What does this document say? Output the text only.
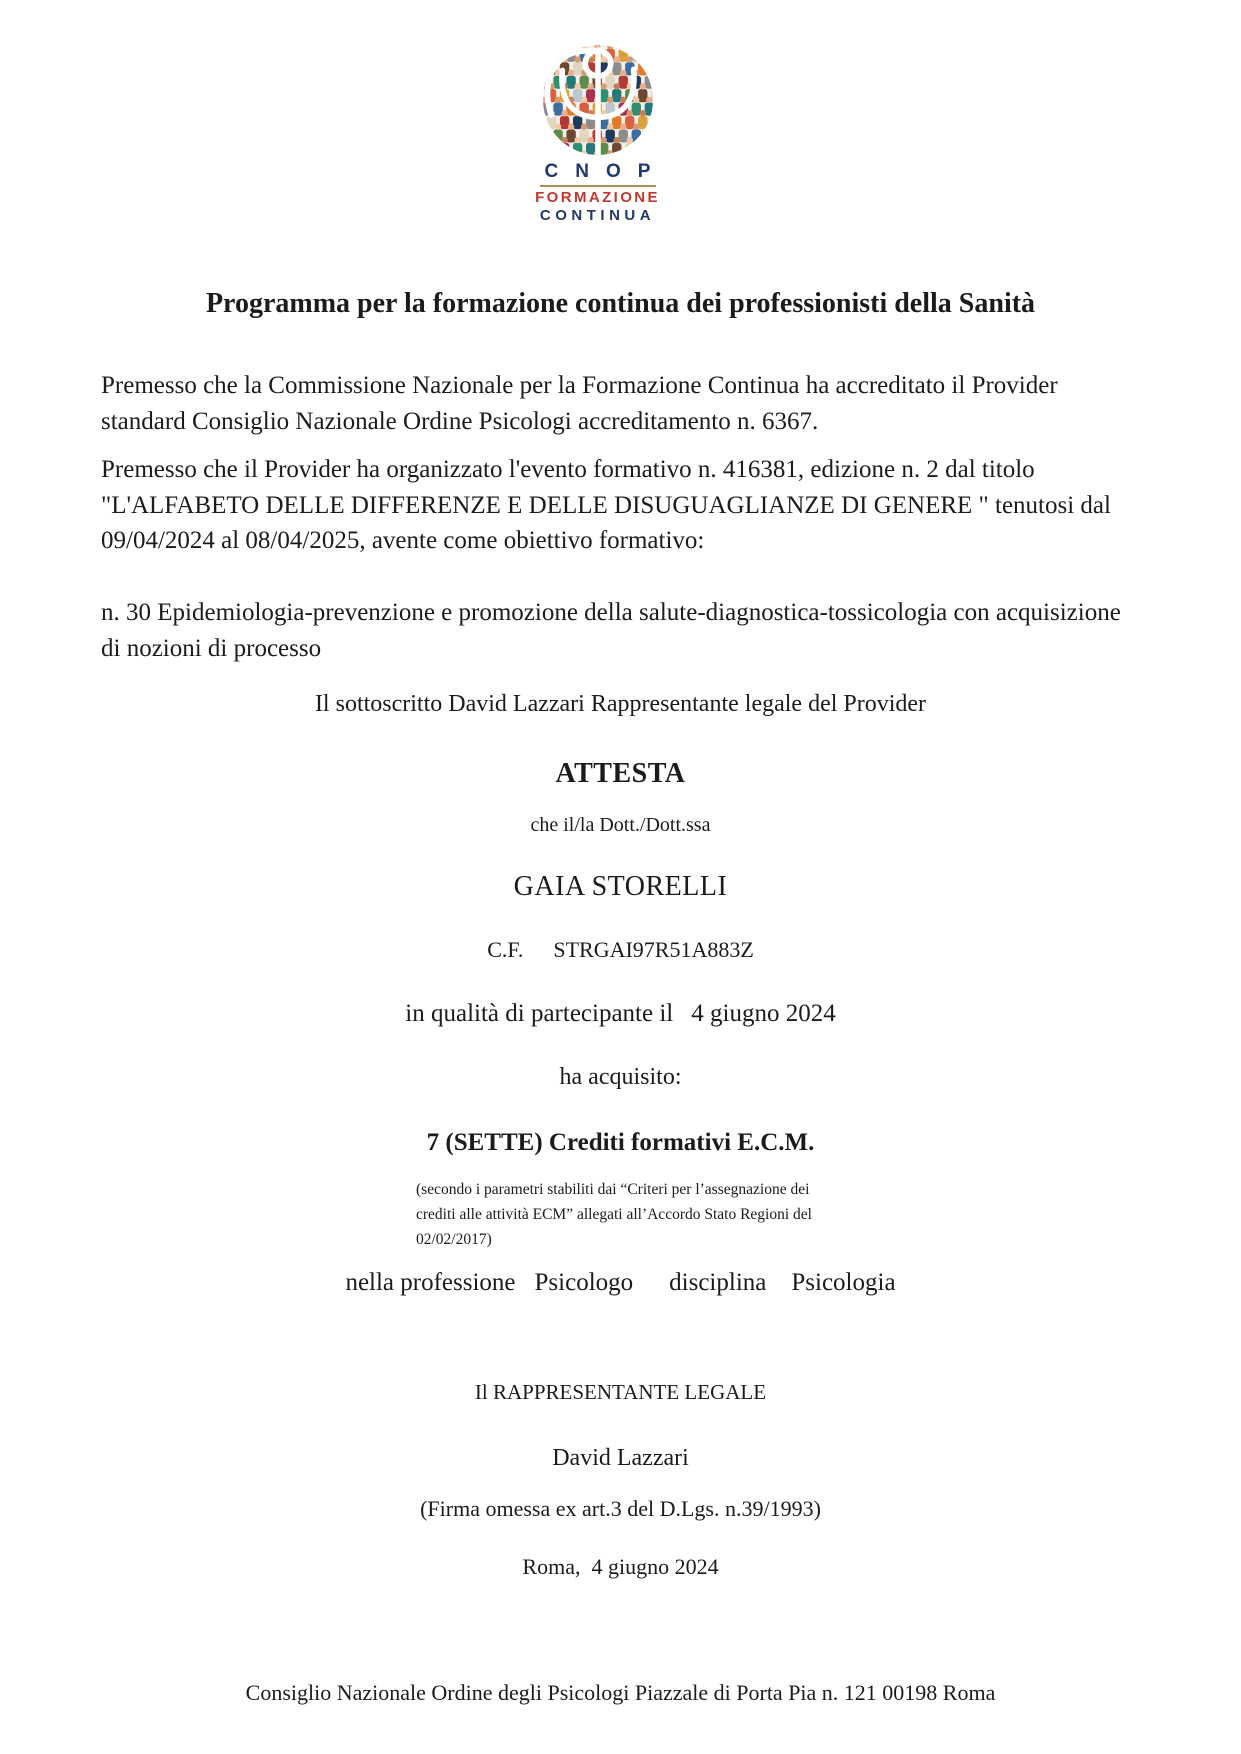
CNOP
FORMAZIONE
CONTINUA
Programma per la formazione continua dei professionisti della Sanità
Premesso che la Commissione Nazionale per la Formazione Continua ha accreditato il Provider standard Consiglio Nazionale Ordine Psicologi accreditamento n. 6367.
Premesso che il Provider ha organizzato l'evento formativo n. 416381, edizione n. 2 dal titolo "L'ALFABETO DELLE DIFFERENZE E DELLE DISUGUAGLIANZE DI GENERE " tenutosi dal 09/04/2024 al 08/04/2025, avente come obiettivo formativo:
n. 30 Epidemiologia-prevenzione e promozione della salute-diagnostica-tossicologia con acquisizione di nozioni di processo
Il sottoscritto David Lazzari Rappresentante legale del Provider
ATTESTA
che il/la Dott./Dott.ssa
GAIA STORELLI
C.F. STRGAI97R51A883Z
in qualità di partecipante il 4 giugno 2024
ha acquisito:
7 (SETTE) Crediti formativi E.C.M.
(secondo i parametri stabiliti dai “Criteri per l’assegnazione dei
crediti alle attività ECM” allegati all’Accordo Stato Regioni del
02/02/2017)
nella professione Psicologo disciplina Psicologia
Il RAPPRESENTANTE LEGALE
David Lazzari
(Firma omessa ex art.3 del D.Lgs. n.39/1993)
Roma,  4 giugno 2024
Consiglio Nazionale Ordine degli Psicologi Piazzale di Porta Pia n. 121 00198 Roma
